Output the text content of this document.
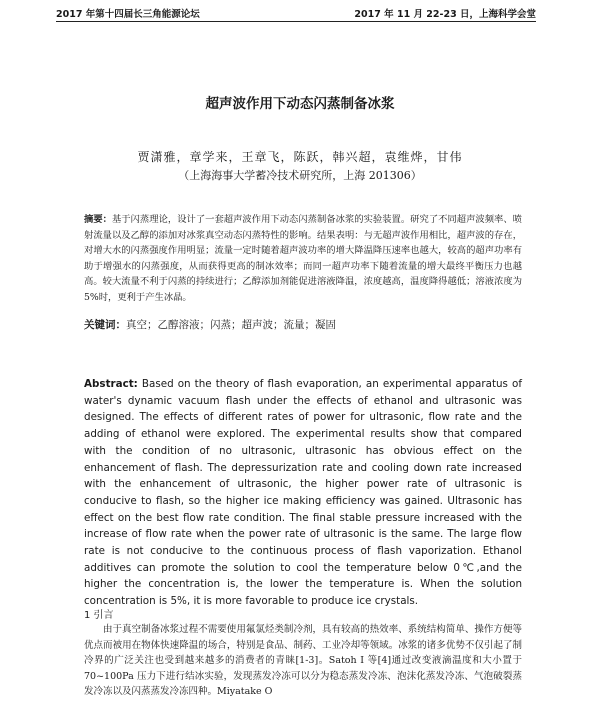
2017 年第十四届长三角能源论坛	2017 年 11 月 22-23 日，上海科学会堂
超声波作用下动态闪蒸制备冰浆
贾潇雅，章学来，王章飞，陈跃，韩兴超，袁维烨，甘伟
（上海海事大学蓄冷技术研究所，上海 201306）
摘要：基于闪蒸理论，设计了一套超声波作用下动态闪蒸制备冰浆的实验装置。研究了不同超声波频率、喷射流量以及乙醇的添加对冰浆真空动态闪蒸特性的影响。结果表明：与无超声波作用相比，超声波的存在，对增大水的闪蒸强度作用明显；流量一定时随着超声波功率的增大降温降压速率也越大，较高的超声功率有助于增强水的闪蒸强度，从而获得更高的制冰效率；而同一超声功率下随着流量的增大最终平衡压力也越高。较大流量不利于闪蒸的持续进行；乙醇添加剂能促进溶液降温，浓度越高，温度降得越低；溶液浓度为 5%时，更利于产生冰晶。
关键词：真空；乙醇溶液；闪蒸；超声波；流量；凝固
Abstract: Based on the theory of flash evaporation, an experimental apparatus of water's dynamic vacuum flash under the effects of ethanol and ultrasonic was designed. The effects of different rates of power for ultrasonic, flow rate and the adding of ethanol were explored. The experimental results show that compared with the condition of no ultrasonic, ultrasonic has obvious effect on the enhancement of flash. The depressurization rate and cooling down rate increased with the enhancement of ultrasonic, the higher power rate of ultrasonic is conducive to flash, so the higher ice making efficiency was gained. Ultrasonic has effect on the best flow rate condition. The final stable pressure increased with the increase of flow rate when the power rate of ultrasonic is the same. The large flow rate is not conducive to the continuous process of flash vaporization. Ethanol additives can promote the solution to cool the temperature below 0℃,and the higher the concentration is, the lower the temperature is. When the solution concentration is 5%, it is more favorable to produce ice crystals.
1 引言
由于真空制备冰浆过程不需要使用氟氯烃类制冷剂，具有较高的热效率、系统结构简单、操作方便等优点而被用在物体快速降温的场合，特别是食品、制药、工业冷却等领域。冰浆的诸多优势不仅引起了制冷界的广泛关注也受到越来越多的消费者的青睐[1-3]。Satoh I 等[4]通过改变液滴温度和大小置于 70~100Pa 压力下进行结冰实验，发现蒸发冷冻可以分为稳态蒸发冷冻、泡沫化蒸发冷冻、气泡破裂蒸发冷冻以及闪蒸蒸发冷冻四种。Miyatake O
